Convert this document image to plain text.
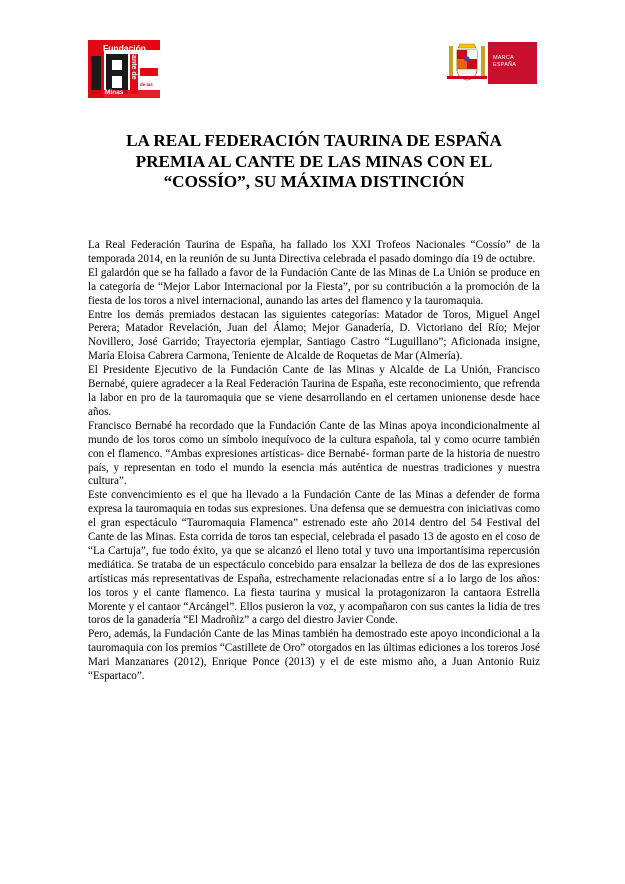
Fundación
Cante de
de las
Minas
MARCA
ESPAÑA
LA REAL FEDERACIÓN TAURINA DE ESPAÑA
PREMIA AL CANTE DE LAS MINAS CON EL
“COSSÍO”, SU MÁXIMA DISTINCIÓN

La Real Federación Taurina de España, ha fallado los XXI Trofeos Nacionales “Cossío” de la temporada 2014, en la reunión de su Junta Directiva celebrada el pasado domingo día 19 de octubre.

El galardón que se ha fallado a favor de la Fundación Cante de las Minas de La Unión se produce en la categoría de “Mejor Labor Internacional por la Fiesta”, por su contribución a la promoción de la fiesta de los toros a nivel internacional, aunando las artes del flamenco y la tauromaquia.

Entre los demás premiados destacan las siguientes categorías: Matador de Toros, Miguel Angel Perera; Matador Revelación, Juan del Álamo; Mejor Ganadería, D. Victoriano del Río; Mejor Novillero, José Garrido; Trayectoria ejemplar, Santiago Castro “Luguillano”; Aficionada insigne, María Eloisa Cabrera Carmona, Teniente de Alcalde de Roquetas de Mar (Almería).

El Presidente Ejecutivo de la Fundación Cante de las Minas y Alcalde de La Unión, Francisco Bernabé, quiere agradecer a la Real Federación Taurina de España, este reconocimiento, que refrenda la labor en pro de la tauromaquia que se viene desarrollando en el certamen unionense desde hace años.

Francisco Bernabé ha recordado que la Fundación Cante de las Minas apoya incondicionalmente al mundo de los toros como un símbolo inequívoco de la cultura española, tal y como ocurre también con el flamenco. “Ambas expresiones artísticas- dice Bernabé- forman parte de la historia de nuestro país, y representan en todo el mundo la esencia más auténtica de nuestras tradiciones y nuestra cultura”.

Este convencimiento es el que ha llevado a la Fundación Cante de las Minas a defender de forma expresa la tauromaquia en todas sus expresiones. Una defensa que se demuestra con iniciativas como el gran espectáculo “Tauromaquia Flamenca” estrenado este año 2014 dentro del 54 Festival del Cante de las Minas. Esta corrida de toros tan especial, celebrada el pasado 13 de agosto en el coso de “La Cartuja”, fue todo éxito, ya que se alcanzó el lleno total y tuvo una importantísima repercusión mediática. Se trataba de un espectáculo concebido para ensalzar la belleza de dos de las expresiones artísticas más representativas de España, estrechamente relacionadas entre sí a lo largo de los años: los toros y el cante flamenco. La fiesta taurina y musical la protagonizaron la cantaora Estrella Morente y el cantaor “Arcángel”. Ellos pusieron la voz, y acompañaron con sus cantes la lidia de tres toros de la ganadería “El Madroñiz” a cargo del diestro Javier Conde.

Pero, además, la Fundación Cante de las Minas también ha demostrado este apoyo incondicional a la tauromaquia con los premios “Castillete de Oro” otorgados en las últimas ediciones a los toreros José Mari Manzanares (2012), Enrique Ponce (2013) y el de este mismo año, a Juan Antonio Ruiz “Espartaco”.
